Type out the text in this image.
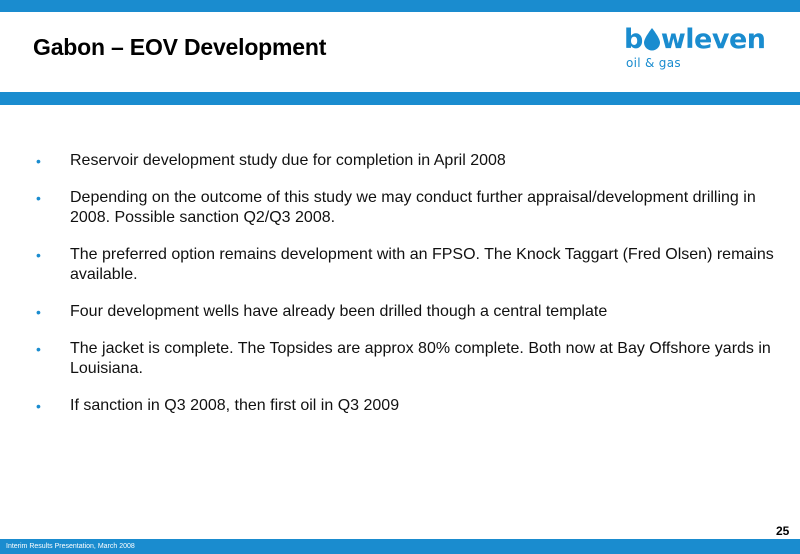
Gabon – EOV Development	b wleven
oil & gas
• Reservoir development study due for completion in April 2008
• Depending on the outcome of this study we may conduct further appraisal/development drilling in 2008. Possible sanction Q2/Q3 2008.
• The preferred option remains development with an FPSO. The Knock Taggart (Fred Olsen) remains available.
• Four development wells have already been drilled though a central template
• The jacket is complete. The Topsides are approx 80% complete. Both now at Bay Offshore yards in Louisiana.
• If sanction in Q3 2008, then first oil in Q3 2009
25
Interim Results Presentation, March 2008
